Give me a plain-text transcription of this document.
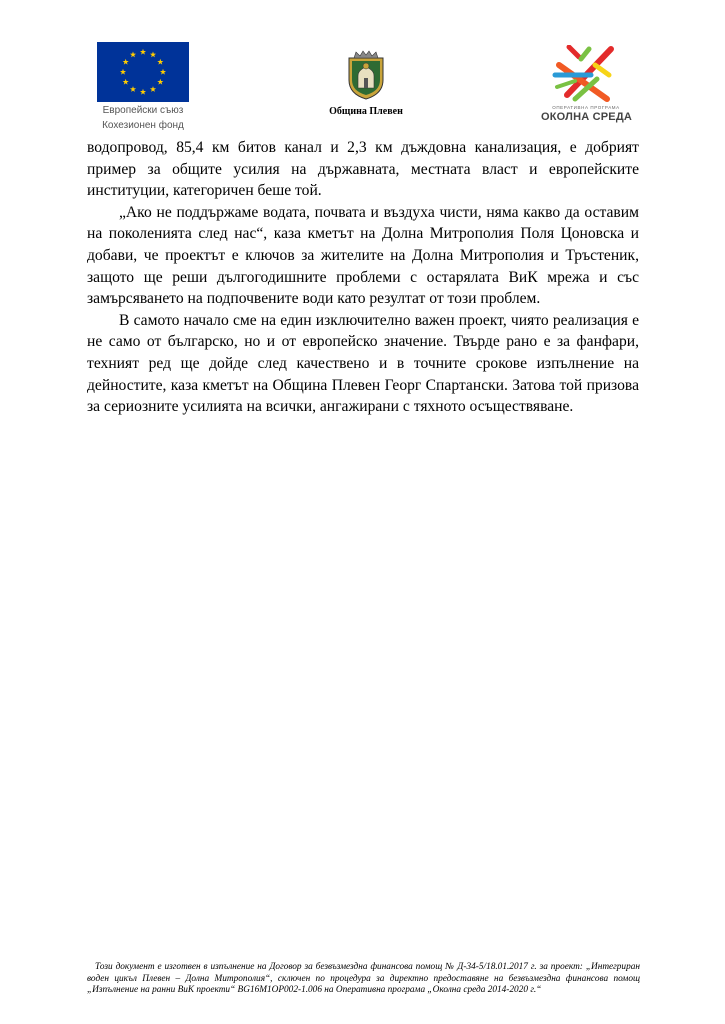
Европейски съюз
Кохезионен фонд
Община Плевен	ОПЕРАТИВНА ПРОГРАМА
ОКОЛНА СРЕДА

водопровод, 85,4 км битов канал и 2,3 км дъждовна канализация, е добрият пример за общите усилия на държавната, местната власт и европейските институции, категоричен беше той.

„Ако не поддържаме водата, почвата и въздуха чисти, няма какво да оставим на поколенията след нас“, каза кметът на Долна Митрополия Поля Цоновска и добави, че проектът е ключов за жителите на Долна Митрополия и Тръстеник, защото ще реши дългогодишните проблеми с остарялата ВиК мрежа и със замърсяването на подпочвените води като резултат от този проблем.

В самото начало сме на един изключително важен проект, чиято реализация е не само от българско, но и от европейско значение. Твърде рано е за фанфари, техният ред ще дойде след качествено и в точните срокове изпълнение на дейностите, каза кметът на Община Плевен Георг Спартански. Затова той призова за сериозните усилията на всички, ангажирани с тяхното осъществяване.

Този документ е изготвен в изпълнение на Договор за безвъзмездна финансова помощ № Д-34-5/18.01.2017 г. за проект: „Интегриран воден цикъл Плевен – Долна Митрополия“, сключен по процедура за директно предоставяне на безвъзмездна финансова помощ „Изпълнение на ранни ВиК проекти“ BG16M1OP002-1.006 на Оперативна програма „Околна среда 2014-2020 г.“
